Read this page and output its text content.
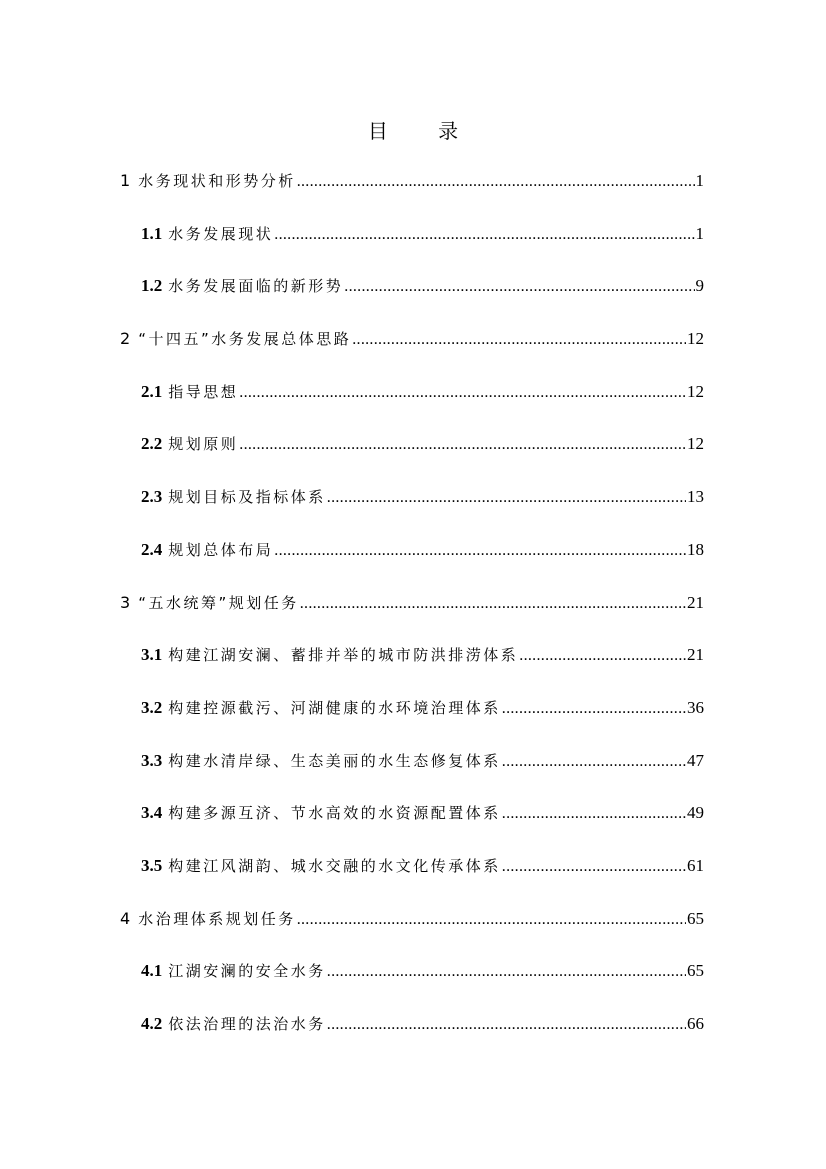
目 录
1 水务现状和形势分析 .....	1
1.1 水务发展现状 .....	1
1.2 水务发展面临的新形势 .....	9
2 “十四五”水务发展总体思路 .....	12
2.1 指导思想 .....	12
2.2 规划原则 .....	12
2.3 规划目标及指标体系 .....	13
2.4 规划总体布局 .....	18
3 “五水统筹”规划任务 .....	21
3.1 构建江湖安澜、蓄排并举的城市防洪排涝体系 .....	21
3.2 构建控源截污、河湖健康的水环境治理体系 .....	36
3.3 构建水清岸绿、生态美丽的水生态修复体系 .....	47
3.4 构建多源互济、节水高效的水资源配置体系 .....	49
3.5 构建江风湖韵、城水交融的水文化传承体系 .....	61
4 水治理体系规划任务 .....	65
4.1 江湖安澜的安全水务 .....	65
4.2 依法治理的法治水务 .....	66
